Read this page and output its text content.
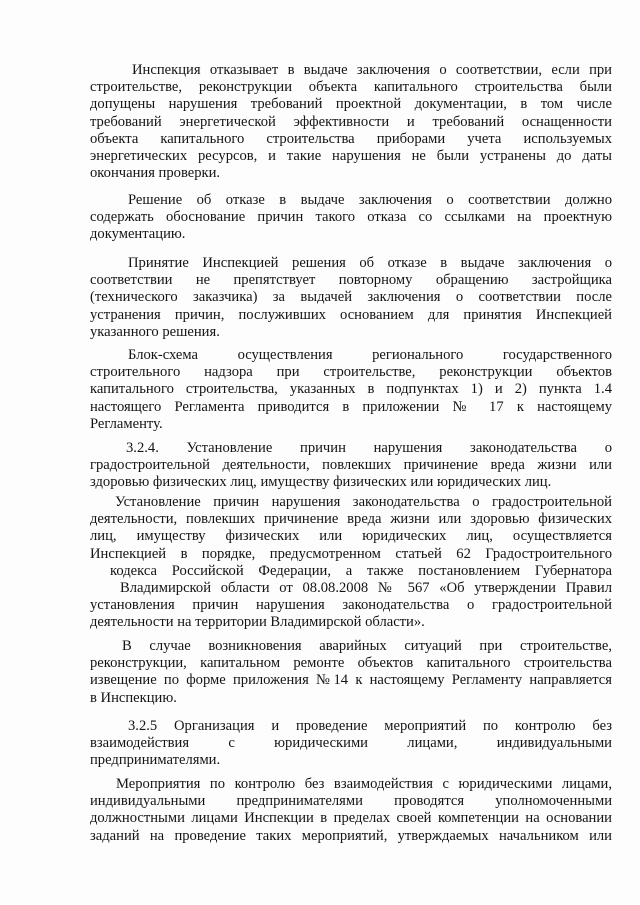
Инспекция отказывает в выдаче заключения о соответствии, если при
строительстве, реконструкции объекта капитального строительства были
допущены нарушения требований проектной документации, в том числе
требований энергетической эффективности и требований оснащенности
объекта капитального строительства приборами учета используемых
энергетических ресурсов, и такие нарушения не были устранены до даты
окончания проверки.
Решение об отказе в выдаче заключения о соответствии должно
содержать обоснование причин такого отказа со ссылками на проектную
документацию.
Принятие Инспекцией решения об отказе в выдаче заключения о
соответствии не препятствует повторному обращению застройщика
(технического заказчика) за выдачей заключения о соответствии после
устранения причин, послуживших основанием для принятия Инспекцией
указанного решения.
Блок-схема осуществления регионального государственного
строительного надзора при строительстве, реконструкции объектов
капитального строительства, указанных в подпунктах 1) и 2) пункта 1.4
настоящего Регламента приводится в приложении № 17 к настоящему
Регламенту.
3.2.4. Установление причин нарушения законодательства о
градостроительной деятельности, повлекших причинение вреда жизни или
здоровью физических лиц, имуществу физических или юридических лиц.
Установление причин нарушения законодательства о градостроительной
деятельности, повлекших причинение вреда жизни или здоровью физических
лиц, имуществу физических или юридических лиц, осуществляется
Инспекцией в порядке, предусмотренном статьей 62 Градостроительного
кодекса Российской Федерации, а также постановлением Губернатора
Владимирской области от 08.08.2008 № 567 «Об утверждении Правил
установления причин нарушения законодательства о градостроительной
деятельности на территории Владимирской области».
В случае возникновения аварийных ситуаций при строительстве,
реконструкции, капитальном ремонте объектов капитального строительства
извещение по форме приложения №14 к настоящему Регламенту направляется
в Инспекцию.
3.2.5 Организация и проведение мероприятий по контролю без
взаимодействия с юридическими лицами, индивидуальными
предпринимателями.
Мероприятия по контролю без взаимодействия с юридическими лицами,
индивидуальными предпринимателями проводятся уполномоченными
должностными лицами Инспекции в пределах своей компетенции на основании
заданий на проведение таких мероприятий, утверждаемых начальником или
